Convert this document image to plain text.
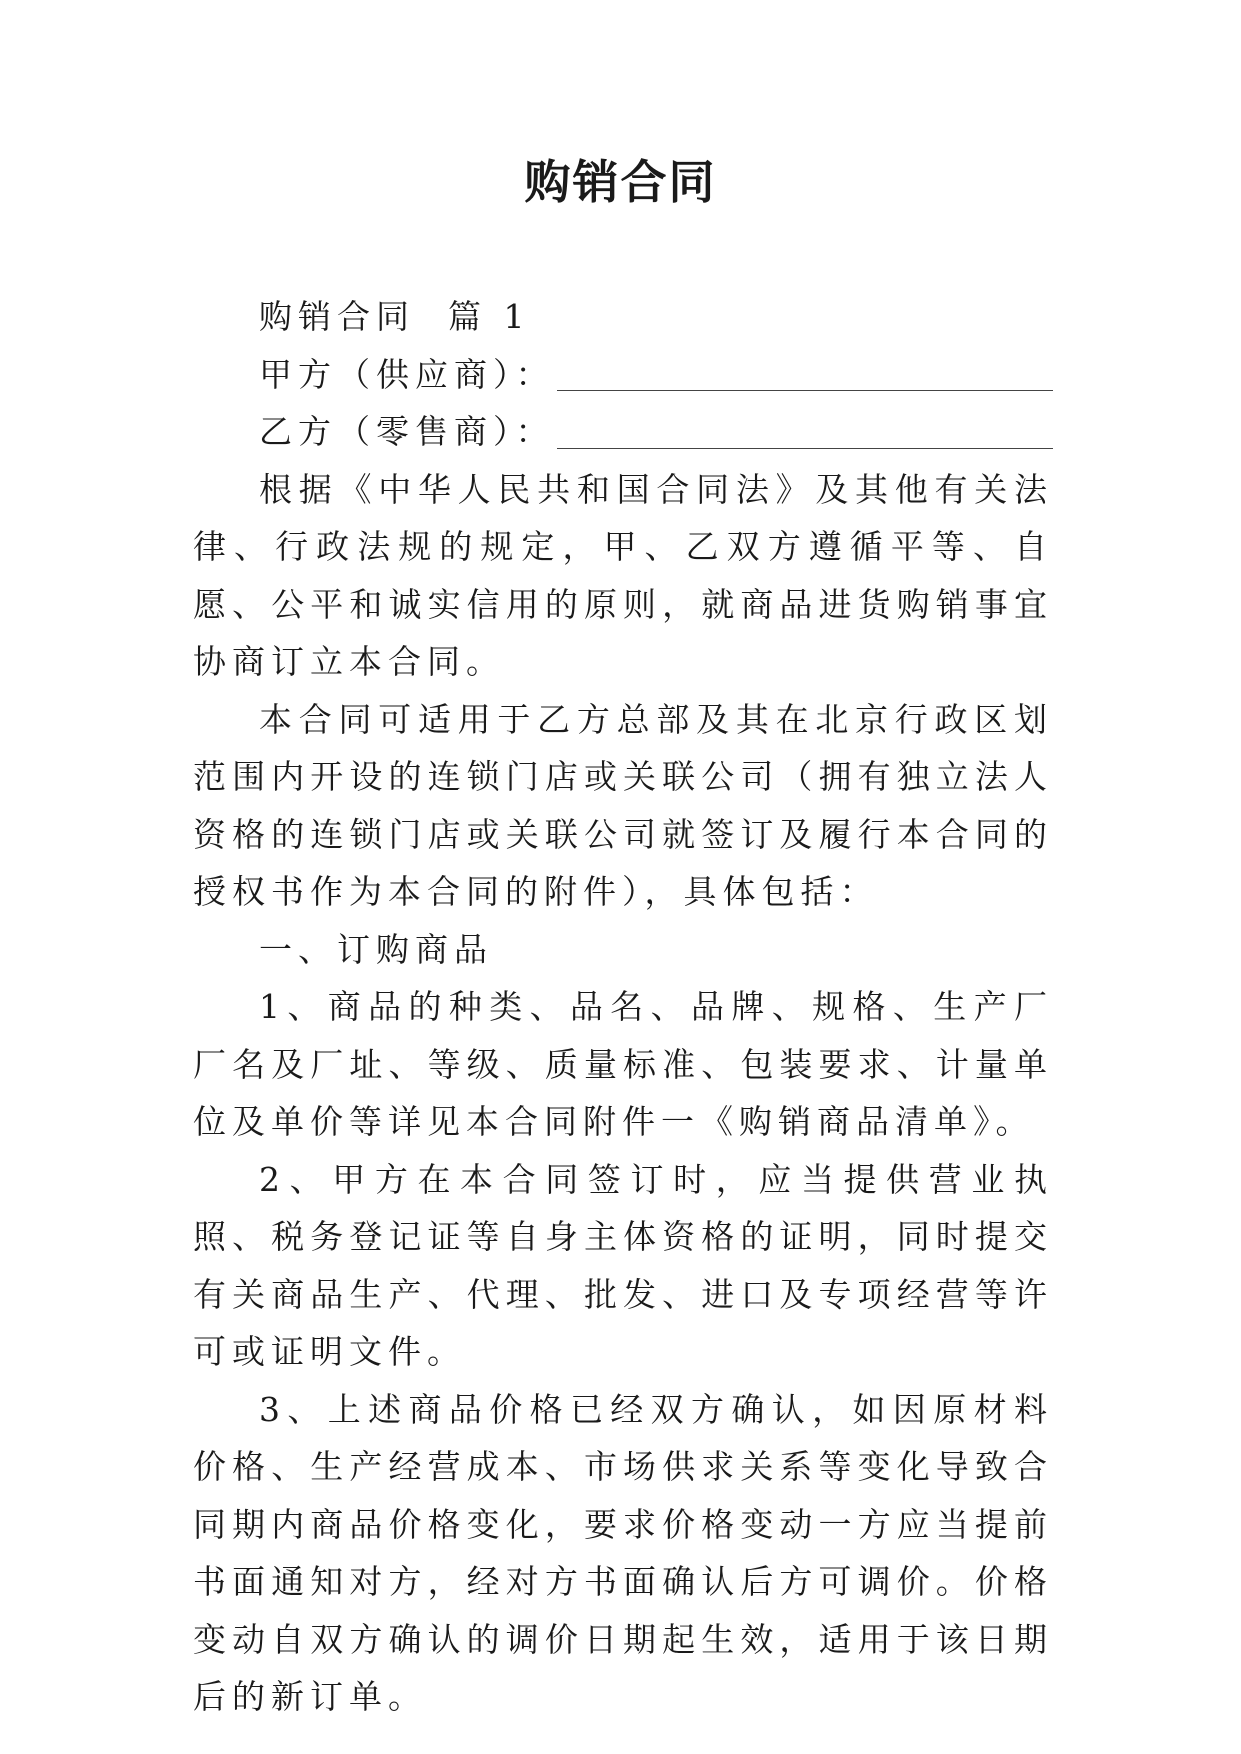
购销合同

购销合同  篇 1

甲方（供应商）：
乙方（零售商）：

根据《中华人民共和国合同法》及其他有关法律、行政法规的规定，甲、乙双方遵循平等、自愿、公平和诚实信用的原则，就商品进货购销事宜协商订立本合同。

本合同可适用于乙方总部及其在北京行政区划范围内开设的连锁门店或关联公司（拥有独立法人资格的连锁门店或关联公司就签订及履行本合同的授权书作为本合同的附件），具体包括：

一、订购商品

1、商品的种类、品名、品牌、规格、生产厂厂名及厂址、等级、质量标准、包装要求、计量单位及单价等详见本合同附件一《购销商品清单》。

2、甲方在本合同签订时，应当提供营业执照、税务登记证等自身主体资格的证明，同时提交有关商品生产、代理、批发、进口及专项经营等许可或证明文件。

3、上述商品价格已经双方确认，如因原材料价格、生产经营成本、市场供求关系等变化导致合同期内商品价格变化，要求价格变动一方应当提前书面通知对方，经对方书面确认后方可调价。价格变动自双方确认的调价日期起生效，适用于该日期后的新订单。
